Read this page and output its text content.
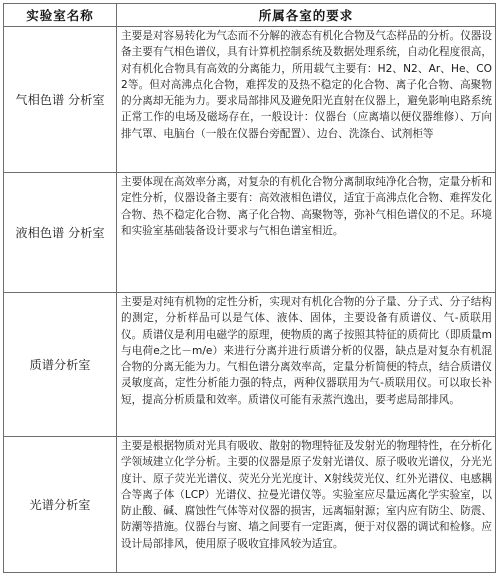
实验室名称	所属各室的要求
气相色谱 分析室	主要是对容易转化为气态而不分解的液态有机化合物及气态样品的分析。仪器设备主要有气相色谱仪，具有计算机控制系统及数据处理系统，自动化程度很高，对有机化合物具有高效的分离能力，所用载气主要有：H2、N2、Ar、He、CO2等。但对高沸点化合物，难挥发的及热不稳定的化合物、离子化合物、高聚物的分离却无能为力。要求局部排风及避免阳光直射在仪器上，避免影响电路系统正常工作的电场及磁场存在，一般设计：仪器台（应离墙以便仪器维修）、万向排气罩、电脑台（一般在仪器台旁配置）、边台、洗涤台、试剂柜等
液相色谱 分析室	主要体现在高效率分离，对复杂的有机化合物分离制取纯净化合物，定量分析和定性分析，仪器设备主要有：高效液相色谱仪，适宜于高沸点化合物、难挥发化合物、热不稳定化合物、离子化合物、高聚物等，弥补气相色谱仪的不足。环境和实验室基础装备设计要求与气相色谱室相近。
质谱分析室	主要是对纯有机物的定性分析，实现对有机化合物的分子量、分子式、分子结构的测定，分析样品可以是气体、液体、固体，主要设备有质谱仪、气-质联用仪。质谱仪是利用电磁学的原理，使物质的离子按照其特征的质荷比（即质量m与电荷e之比－m/e）来进行分离并进行质谱分析的仪器，缺点是对复杂有机混合物的分离无能为力。气相色谱分离效率高，定量分析简便的特点，结合质谱仪灵敏度高，定性分析能力强的特点，两种仪器联用为气-质联用仪。可以取长补短，提高分析质量和效率。质谱仪可能有汞蒸汽逸出，要考虑局部排风。
光谱分析室	主要是根据物质对光具有吸收、散射的物理特征及发射光的物理特性，在分析化学领域建立化学分析。主要的仪器是原子发射光谱仪、原子吸收光谱仪，分光光度计、原子荧光光谱仪、荧光分光光度计、X射线荧光仪、红外光谱仪、电感耦合等离子体（LCP）光谱仪、拉曼光谱仪等。实验室应尽量远离化学实验室，以防止酸、碱、腐蚀性气体等对仪器的损害，远离辐射源；室内应有防尘、防震、防潮等措施。仪器台与窗、墙之间要有一定距离，便于对仪器的调试和检修。应设计局部排风，使用原子吸收宜排风较为适宜。
